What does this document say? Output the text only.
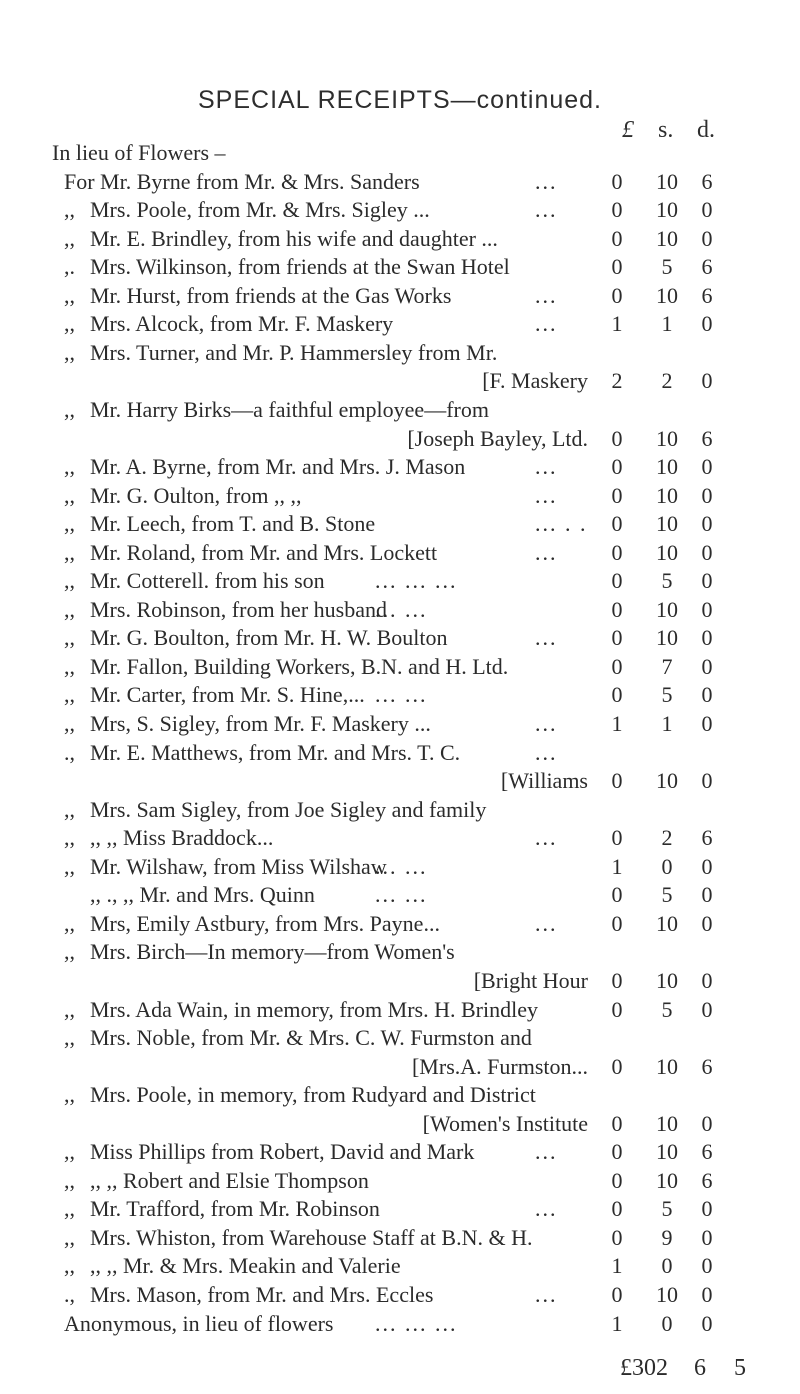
SPECIAL RECEIPTS—continued.
£ s. d.
In lieu of Flowers –
For Mr. Byrne from Mr. & Mrs. Sanders	...	0	10	6
,, Mrs. Poole, from Mr. & Mrs. Sigley ...	...	0	10	0
,, Mr. E. Brindley, from his wife and daughter ...	0	10	0
,. Mrs. Wilkinson, from friends at the Swan Hotel	0	5	6
,, Mr. Hurst, from friends at the Gas Works	...	0	10	6
,, Mrs. Alcock, from Mr. F. Maskery	...	1	1	0
,, Mrs. Turner, and Mr. P. Hammersley from Mr.
[F. Maskery	2	2	0
,, Mr. Harry Birks—a faithful employee—from
[Joseph Bayley, Ltd.	0	10	6
,, Mr. A. Byrne, from Mr. and Mrs. J. Mason	...	0	10	0
,, Mr. G. Oulton, from ,, ,,	...	0	10	0
,, Mr. Leech, from T. and B. Stone	... . .	0	10	0
,, Mr. Roland, from Mr. and Mrs. Lockett	...	0	10	0
,, Mr. Cotterell. from his son ... ... ...	0	5	0
,, Mrs. Robinson, from her husband
... ...	0	10	0
,, Mr. G. Boulton, from Mr. H. W. Boulton	...	0	10	0
,, Mr. Fallon, Building Workers, B.N. and H. Ltd.	0	7	0
,, Mr. Carter, from Mr. S. Hine,... ... ...	0	5	0
,, Mrs, S. Sigley, from Mr. F. Maskery ...	...	1	1	0
., Mr. E. Matthews, from Mr. and Mrs. T. C.	...
[Williams	0	10	0
,, Mrs. Sam Sigley, from Joe Sigley and family
,, ,, ,, Miss Braddock...	...	0	2	6
,, Mr. Wilshaw, from Miss Wilshaw
... ...	1	0	0
,, ., ,, Mr. and Mrs. Quinn	... ...	0	5	0
,, Mrs, Emily Astbury, from Mrs. Payne...	...	0	10	0
,, Mrs. Birch—In memory—from Women's
[Bright Hour	0	10	0
,, Mrs. Ada Wain, in memory, from Mrs. H. Brindley	0	5	0
,, Mrs. Noble, from Mr. & Mrs. C. W. Furmston and
[Mrs.A. Furmston...	0	10	6
,, Mrs. Poole, in memory, from Rudyard and District
[Women's Institute	0	10	0
,, Miss Phillips from Robert, David and Mark	...	0	10	6
,, ,, ,, Robert and Elsie Thompson	0	10	6
,, Mr. Trafford, from Mr. Robinson	...	0	5	0
,, Mrs. Whiston, from Warehouse Staff at B.N. & H.	0	9	0
,, ,, ,, Mr. & Mrs. Meakin and Valerie	1	0	0
., Mrs. Mason, from Mr. and Mrs. Eccles	...	0	10	0
Anonymous, in lieu of flowers ... ... ...	1	0	0
£302 6 5
